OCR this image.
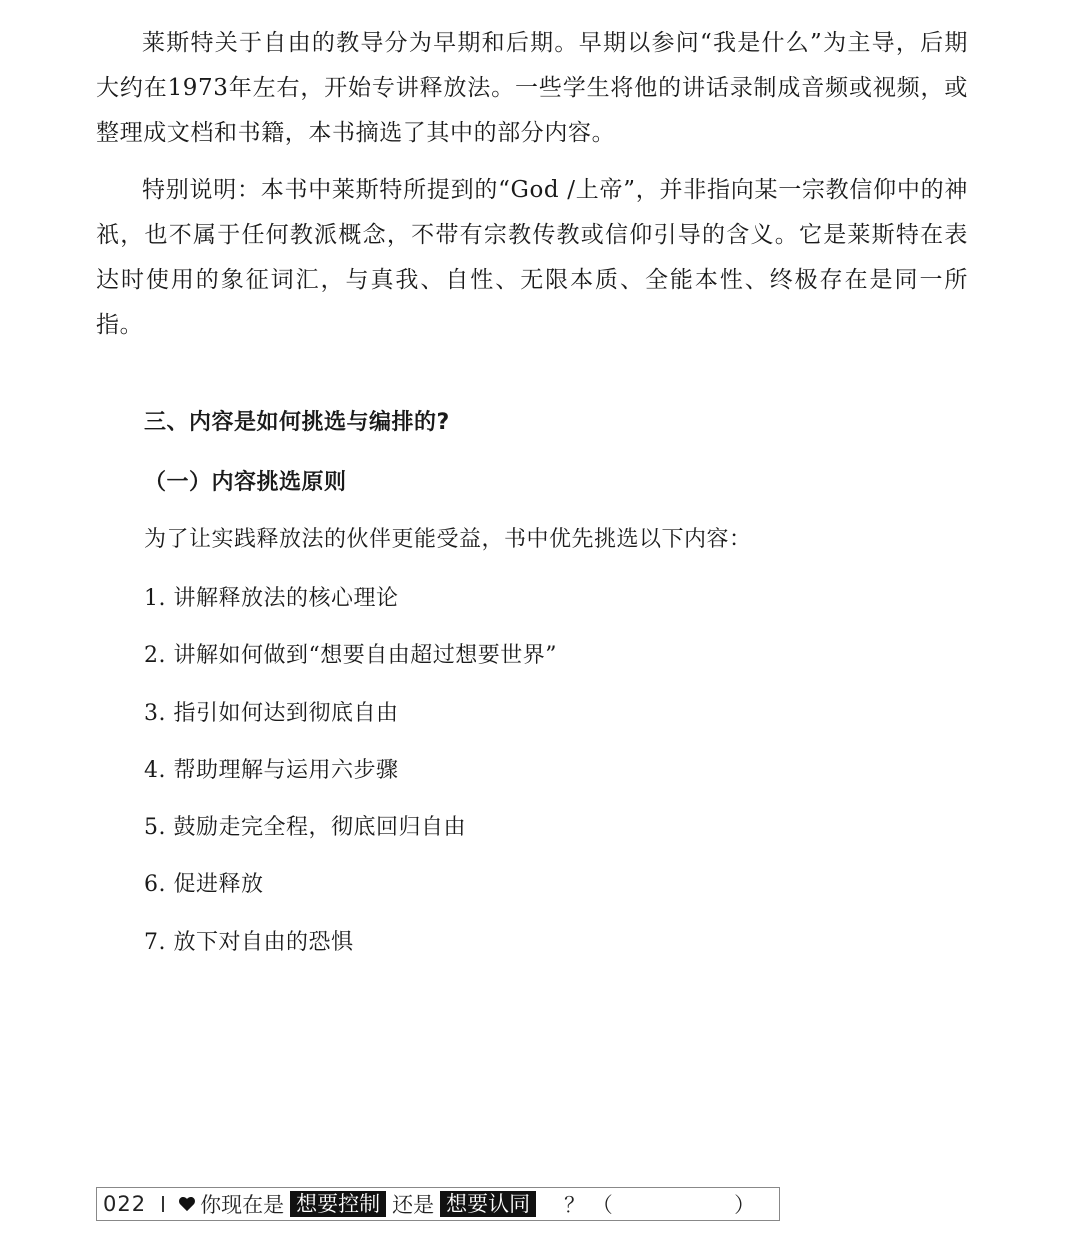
莱斯特关于自由的教导分为早期和后期。早期以参问“我是什么”为主导，后期大约在1973年左右，开始专讲释放法。一些学生将他的讲话录制成音频或视频，或整理成文档和书籍，本书摘选了其中的部分内容。

特别说明：本书中莱斯特所提到的“God /上帝”，并非指向某一宗教信仰中的神祇，也不属于任何教派概念，不带有宗教传教或信仰引导的含义。它是莱斯特在表达时使用的象征词汇，与真我、自性、无限本质、全能本性、终极存在是同一所指。

三、内容是如何挑选与编排的?
（一）内容挑选原则

为了让实践释放法的伙伴更能受益，书中优先挑选以下内容：

1. 讲解释放法的核心理论
2. 讲解如何做到“想要自由超过想要世界”
3. 指引如何达到彻底自由
4. 帮助理解与运用六步骤
5. 鼓励走完全程，彻底回归自由
6. 促进释放
7. 放下对自由的恐惧
022	你现在是 想要控制 还是 想要认同 ？ （	）
